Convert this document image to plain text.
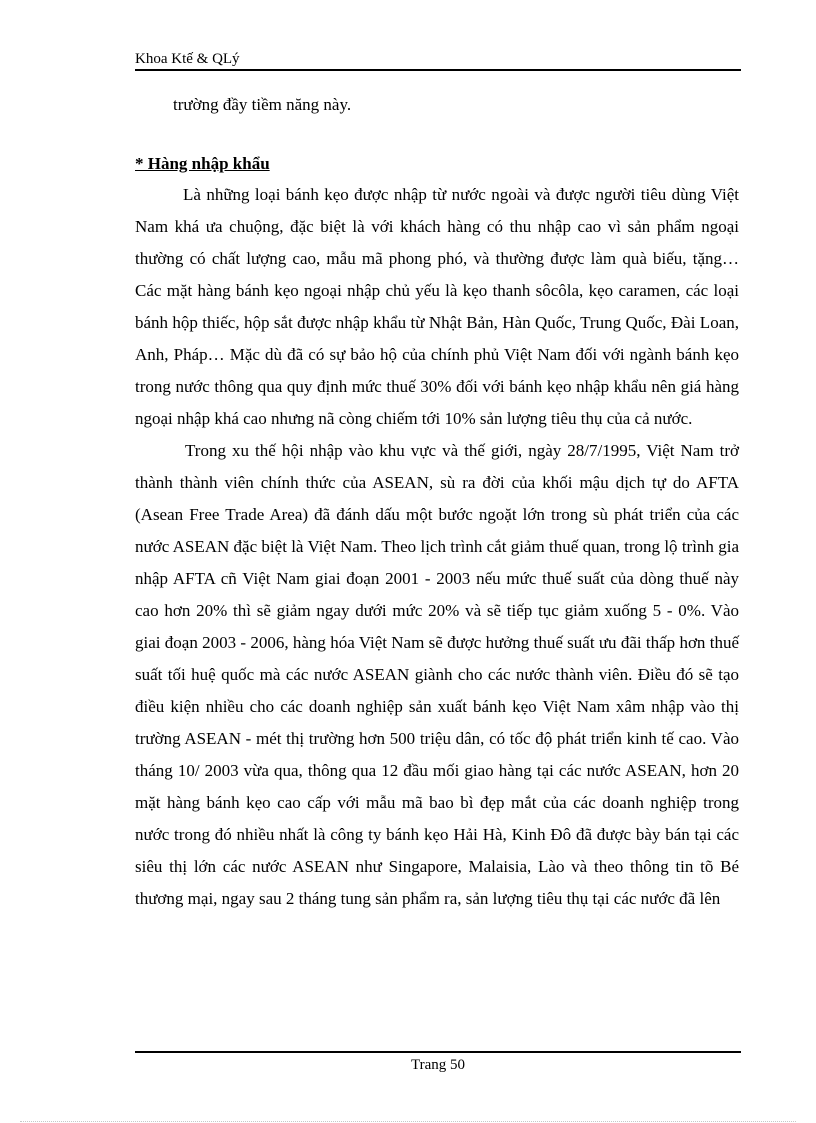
Khoa Ktế & QLý

trường đầy tiềm năng này.

* Hàng nhập khẩu

Là những loại bánh kẹo được nhập từ nước ngoài và được người tiêu dùng Việt Nam khá ưa chuộng, đặc biệt là với khách hàng có thu nhập cao vì sản phẩm ngoại thường có chất lượng cao, mẫu mã phong phó, và thường được làm quà biếu, tặng… Các mặt hàng bánh kẹo ngoại nhập chủ yếu là kẹo thanh sôcôla, kẹo caramen, các loại bánh hộp thiếc, hộp sắt được nhập khẩu từ Nhật Bản, Hàn Quốc, Trung Quốc, Đài Loan, Anh, Pháp… Mặc dù đã có sự bảo hộ của chính phủ Việt Nam đối với ngành bánh kẹo trong nước thông qua quy định mức thuế 30% đối với bánh kẹo nhập khẩu nên giá hàng ngoại nhập khá cao nhưng nã còng chiếm tới 10% sản lượng tiêu thụ của cả nước.

Trong xu thế hội nhập vào khu vực và thế giới, ngày 28/7/1995, Việt Nam trở thành thành viên chính thức của ASEAN, sù ra đời của khối mậu dịch tự do AFTA (Asean Free Trade Area) đã đánh dấu một bước ngoặt lớn trong sù phát triển của các nước ASEAN đặc biệt là Việt Nam. Theo lịch trình cắt giảm thuế quan, trong lộ trình gia nhập AFTA cñ Việt Nam giai đoạn 2001 - 2003 nếu mức thuế suất của dòng thuế này cao hơn 20% thì sẽ giảm ngay dưới mức 20% và sẽ tiếp tục giảm xuống 5 - 0%. Vào giai đoạn 2003 - 2006, hàng hóa Việt Nam sẽ được hưởng thuế suất ưu đãi thấp hơn thuế suất tối huệ quốc mà các nước ASEAN giành cho các nước thành viên. Điều đó sẽ tạo điều kiện nhiều cho các doanh nghiệp sản xuất bánh kẹo Việt Nam xâm nhập vào thị trường ASEAN - mét thị trường hơn 500 triệu dân, có tốc độ phát triển kinh tế cao. Vào tháng 10/ 2003 vừa qua, thông qua 12 đầu mối giao hàng tại các nước ASEAN, hơn 20 mặt hàng bánh kẹo cao cấp với mẫu mã bao bì đẹp mắt của các doanh nghiệp trong nước trong đó nhiều nhất là công ty bánh kẹo Hải Hà, Kinh Đô đã được bày bán tại các siêu thị lớn các nước ASEAN như Singapore, Malaisia, Lào và theo thông tin tõ Bé thương mại, ngay sau 2 tháng tung sản phẩm ra, sản lượng tiêu thụ tại các nước đã lên

Trang 50
